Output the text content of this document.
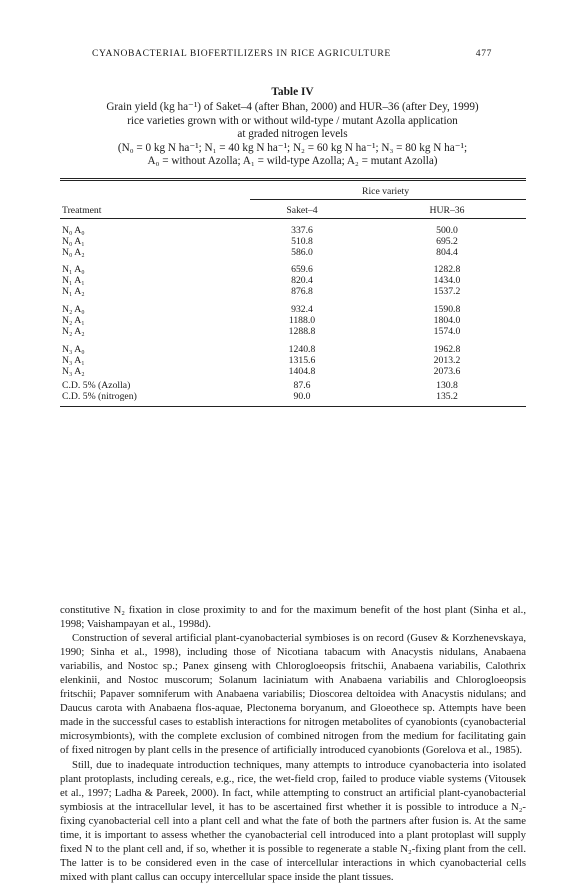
CYANOBACTERIAL BIOFERTILIZERS IN RICE AGRICULTURE	477
Table IV
Grain yield (kg ha⁻¹) of Saket–4 (after Bhan, 2000) and HUR–36 (after Dey, 1999)
rice varieties grown with or without wild-type / mutant Azolla application
at graded nitrogen levels
(N₀ = 0 kg N ha⁻¹; N₁ = 40 kg N ha⁻¹; N₂ = 60 kg N ha⁻¹; N₃ = 80 kg N ha⁻¹;
A₀ = without Azolla; A₁ = wild-type Azolla; A₂ = mutant Azolla)
Rice variety
Treatment	Saket–4	HUR–36
N₀ A₀	337.6	500.0
N₀ A₁	510.8	695.2
N₀ A₂	586.0	804.4
N₁ A₀	659.6	1282.8
N₁ A₁	820.4	1434.0
N₁ A₂	876.8	1537.2
N₂ A₀	932.4	1590.8
N₂ A₁	1188.0	1804.0
N₂ A₂	1288.8	1574.0
N₃ A₀	1240.8	1962.8
N₃ A₁	1315.6	2013.2
N₃ A₂	1404.8	2073.6
C.D. 5% (Azolla)	87.6	130.8
C.D. 5% (nitrogen)	90.0	135.2

constitutive N₂ fixation in close proximity to and for the maximum benefit of the host plant (Sinha et al., 1998; Vaishampayan et al., 1998d).

Construction of several artificial plant-cyanobacterial symbioses is on record (Gusev & Korzhenevskaya, 1990; Sinha et al., 1998), including those of Nicotiana tabacum with Anacystis nidulans, Anabaena variabilis, and Nostoc sp.; Panex ginseng with Chlorogloeopsis fritschii, Anabaena variabilis, Calothrix elenkinii, and Nostoc muscorum; Solanum laciniatum with Anabaena variabilis and Chlorogloeopsis fritschii; Papaver somniferum with Anabaena variabilis; Dioscorea deltoidea with Anacystis nidulans; and Daucus carota with Anabaena flos-aquae, Plectonema boryanum, and Gloeothece sp. Attempts have been made in the successful cases to establish interactions for nitrogen metabolites of cyanobionts (cyanobacterial microsymbionts), with the complete exclusion of combined nitrogen from the medium for facilitating gain of fixed nitrogen by plant cells in the presence of artificially introduced cyanobionts (Gorelova et al., 1985).

Still, due to inadequate introduction techniques, many attempts to introduce cyanobacteria into isolated plant protoplasts, including cereals, e.g., rice, the wet-field crop, failed to produce viable systems (Vitousek et al., 1997; Ladha & Pareek, 2000). In fact, while attempting to construct an artificial plant-cyanobacterial symbiosis at the intracellular level, it has to be ascertained first whether it is possible to introduce a N₂-fixing cyanobacterial cell into a plant cell and what the fate of both the partners after fusion is. At the same time, it is important to assess whether the cyanobacterial cell introduced into a plant protoplast will supply fixed N to the plant cell and, if so, whether it is possible to regenerate a stable N₂-fixing plant from the cell. The latter is to be considered even in the case of intercellular interactions in which cyanobacterial cells mixed with plant callus can occupy intercellular space inside the plant tissues.
